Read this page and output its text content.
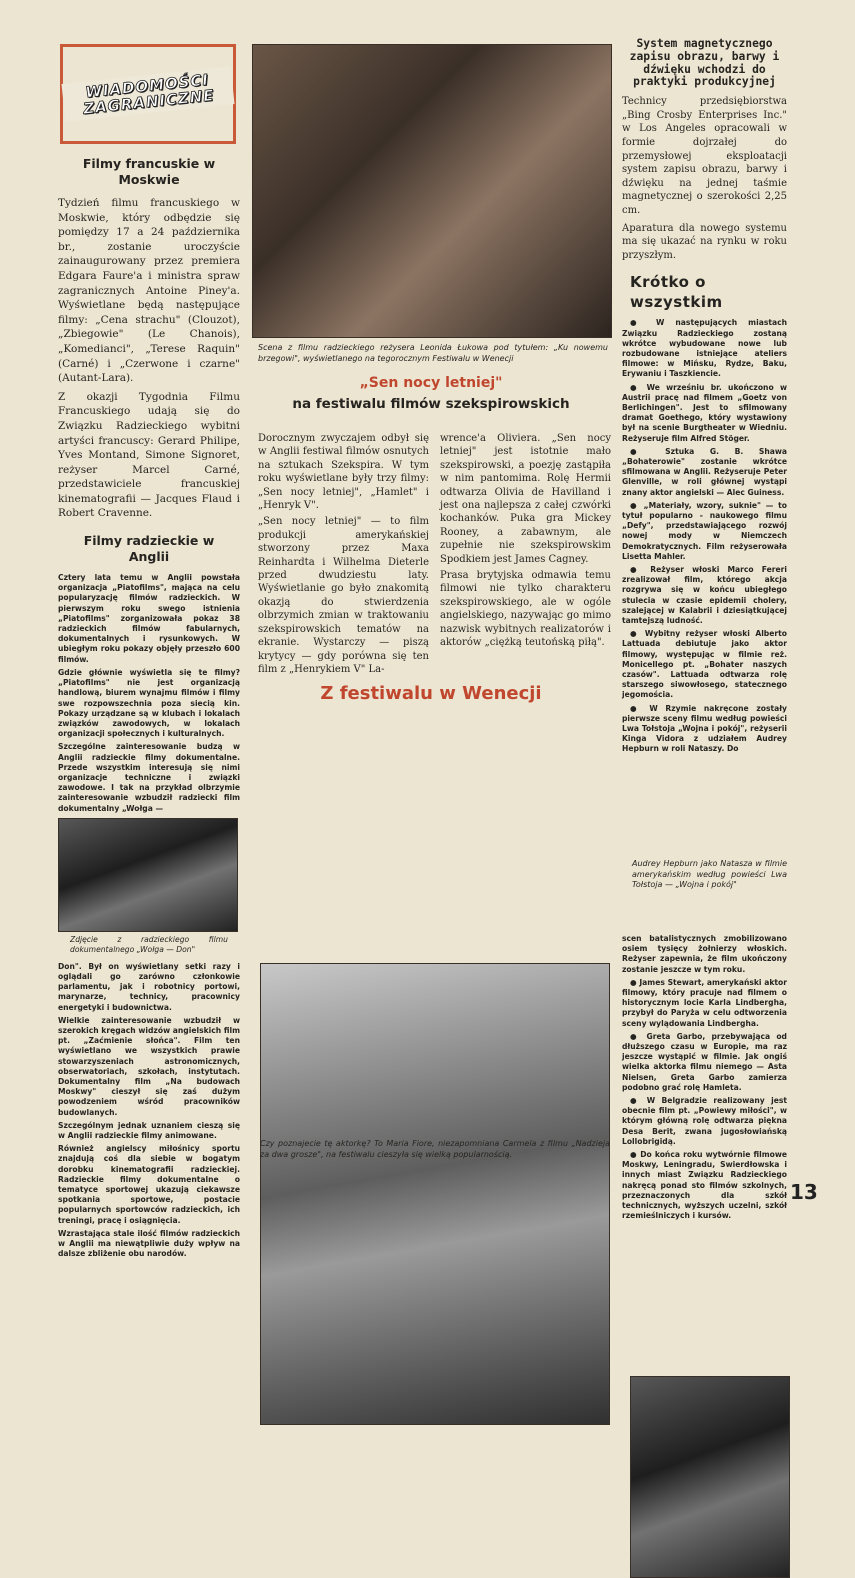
WIADOMOŚCI ZAGRANICZNE
Filmy francuskie w Moskwie

Tydzień filmu francuskiego w Moskwie, który odbędzie się pomiędzy 17 a 24 października br., zostanie uroczyście zainaugurowany przez premiera Edgara Faure'a i ministra spraw zagranicznych Antoine Piney'a. Wyświetlane będą następujące filmy: „Cena strachu" (Clouzot), „Zbiegowie" (Le Chanois), „Komedianci", „Terese Raquin" (Carné) i „Czerwone i czarne" (Autant-Lara).

Z okazji Tygodnia Filmu Francuskiego udają się do Związku Radzieckiego wybitni artyści francuscy: Gerard Philipe, Yves Montand, Simone Signoret, reżyser Marcel Carné, przedstawiciele francuskiej kinematografii — Jacques Flaud i Robert Cravenne.

Filmy radzieckie w Anglii

Cztery lata temu w Anglii powstała organizacja „Piatofilms", mająca na celu popularyzację filmów radzieckich. W pierwszym roku swego istnienia „Piatofilms" zorganizowała pokaz 38 radzieckich filmów fabularnych, dokumentalnych i rysunkowych. W ubiegłym roku pokazy objęły przeszło 600 filmów.

Gdzie głównie wyświetla się te filmy? „Piatofilms" nie jest organizacją handlową, biurem wynajmu filmów i filmy swe rozpowszechnia poza siecią kin. Pokazy urządzane są w klubach i lokalach związków zawodowych, w lokalach organizacji społecznych i kulturalnych.

Szczególne zainteresowanie budzą w Anglii radzieckie filmy dokumentalne. Przede wszystkim interesują się nimi organizacje techniczne i związki zawodowe. I tak na przykład olbrzymie zainteresowanie wzbudził radziecki film dokumentalny „Wołga —

Zdjęcie z radzieckiego filmu dokumentalnego „Wołga — Don"

Don". Był on wyświetlany setki razy i oglądali go zarówno członkowie parlamentu, jak i robotnicy portowi, marynarze, technicy, pracownicy energetyki i budownictwa.

Wielkie zainteresowanie wzbudził w szerokich kręgach widzów angielskich film pt. „Zaćmienie słońca". Film ten wyświetlano we wszystkich prawie stowarzyszeniach astronomicznych, obserwatoriach, szkołach, instytutach. Dokumentalny film „Na budowach Moskwy" cieszył się zaś dużym powodzeniem wśród pracowników budowlanych.

Szczególnym jednak uznaniem cieszą się w Anglii radzieckie filmy animowane.

Również angielscy miłośnicy sportu znajdują coś dla siebie w bogatym dorobku kinematografii radzieckiej. Radzieckie filmy dokumentalne o tematyce sportowej ukazują ciekawsze spotkania sportowe, postacie popularnych sportowców radzieckich, ich treningi, pracę i osiągnięcia.

Wzrastająca stale ilość filmów radzieckich w Anglii ma niewątpliwie duży wpływ na dalsze zbliżenie obu narodów.

Scena z filmu radzieckiego reżysera Leonida Łukowa pod tytułem: „Ku nowemu brzegowi", wyświetlanego na tegorocznym Festiwalu w Wenecji
„Sen nocy letniej"
na festiwalu filmów szekspirowskich

Dorocznym zwyczajem odbył się w Anglii festiwal filmów osnutych na sztukach Szekspira. W tym roku wyświetlane były trzy filmy: „Sen nocy letniej", „Hamlet" i „Henryk V".

„Sen nocy letniej" — to film produkcji amerykańskiej stworzony przez Maxa Reinhardta i Wilhelma Dieterle przed dwudziestu laty. Wyświetlanie go było znakomitą okazją do stwierdzenia olbrzymich zmian w traktowaniu szekspirowskich tematów na ekranie. Wystarczy — piszą krytycy — gdy porówna się ten film z „Henrykiem V" La-

wrence'a Oliviera. „Sen nocy letniej" jest istotnie mało szekspirowski, a poezję zastąpiła w nim pantomima. Rolę Hermii odtwarza Olivia de Havilland i jest ona najlepsza z całej czwórki kochanków. Puka gra Mickey Rooney, a zabawnym, ale zupełnie nie szekspirowskim Spodkiem jest James Cagney.

Prasa brytyjska odmawia temu filmowi nie tylko charakteru szekspirowskiego, ale w ogóle angielskiego, nazywając go mimo nazwisk wybitnych realizatorów i aktorów „ciężką teutońską piłą".

Z festiwalu w Wenecji
Czy poznajecie tę aktorkę? To Maria Fiore, niezapomniana Carmela z filmu „Nadzieja za dwa grosze", na festiwalu cieszyła się wielką popularnością.
System magnetycznego zapisu obrazu, barwy i dźwięku wchodzi do praktyki produkcyjnej

Technicy przedsiębiorstwa „Bing Crosby Enterprises Inc." w Los Angeles opracowali w formie dojrzałej do przemysłowej eksploatacji system zapisu obrazu, barwy i dźwięku na jednej taśmie magnetycznej o szerokości 2,25 cm.

Aparatura dla nowego systemu ma się ukazać na rynku w roku przyszłym.

Krótko o wszystkim

● W następujących miastach Związku Radzieckiego zostaną wkrótce wybudowane nowe lub rozbudowane istniejące ateliers filmowe: w Mińsku, Rydze, Baku, Erywaniu i Taszkiencie.

● We wrześniu br. ukończono w Austrii pracę nad filmem „Goetz von Berlichingen". Jest to sfilmowany dramat Goethego, który wystawiony był na scenie Burgtheater w Wiedniu. Reżyseruje film Alfred Stöger.

● Sztuka G. B. Shawa „Bohaterowie" zostanie wkrótce sfilmowana w Anglii. Reżyseruje Peter Glenville, w roli głównej wystąpi znany aktor angielski — Alec Guiness.

● „Materiały, wzory, suknie" — to tytuł popularno - naukowego filmu „Defy", przedstawiającego rozwój nowej mody w Niemczech Demokratycznych. Film reżyserowała Lisetta Mahler.

● Reżyser włoski Marco Fereri zrealizował film, którego akcja rozgrywa się w końcu ubiegłego stulecia w czasie epidemii cholery, szalejącej w Kalabrii i dziesiątkującej tamtejszą ludność.

● Wybitny reżyser włoski Alberto Lattuada debiutuje jako aktor filmowy, występując w filmie reż. Monicellego pt. „Bohater naszych czasów". Lattuada odtwarza rolę starszego siwowłosego, statecznego jegomościa.

● W Rzymie nakręcone zostały pierwsze sceny filmu według powieści Lwa Tołstoja „Wojna i pokój", reżyserii Kinga Vidora z udziałem Audrey Hepburn w roli Nataszy. Do

Audrey Hepburn jako Natasza w filmie amerykańskim według powieści Lwa Tołstoja — „Wojna i pokój"

scen batalistycznych zmobilizowano osiem tysięcy żołnierzy włoskich. Reżyser zapewnia, że film ukończony zostanie jeszcze w tym roku.

● James Stewart, amerykański aktor filmowy, który pracuje nad filmem o historycznym locie Karla Lindbergha, przybył do Paryża w celu odtworzenia sceny wylądowania Lindbergha.

● Greta Garbo, przebywająca od dłuższego czasu w Europie, ma raz jeszcze wystąpić w filmie. Jak ongiś wielka aktorka filmu niemego — Asta Nielsen, Greta Garbo zamierza podobno grać rolę Hamleta.

● W Belgradzie realizowany jest obecnie film pt. „Powiewy miłości", w którym główną rolę odtwarza piękna Desa Berit, zwana jugosłowiańską Lollobrigidą.

● Do końca roku wytwórnie filmowe Moskwy, Leningradu, Swierdłowska i innych miast Związku Radzieckiego nakręcą ponad sto filmów szkolnych, przeznaczonych dla szkół technicznych, wyższych uczelni, szkół rzemieślniczych i kursów.

13
